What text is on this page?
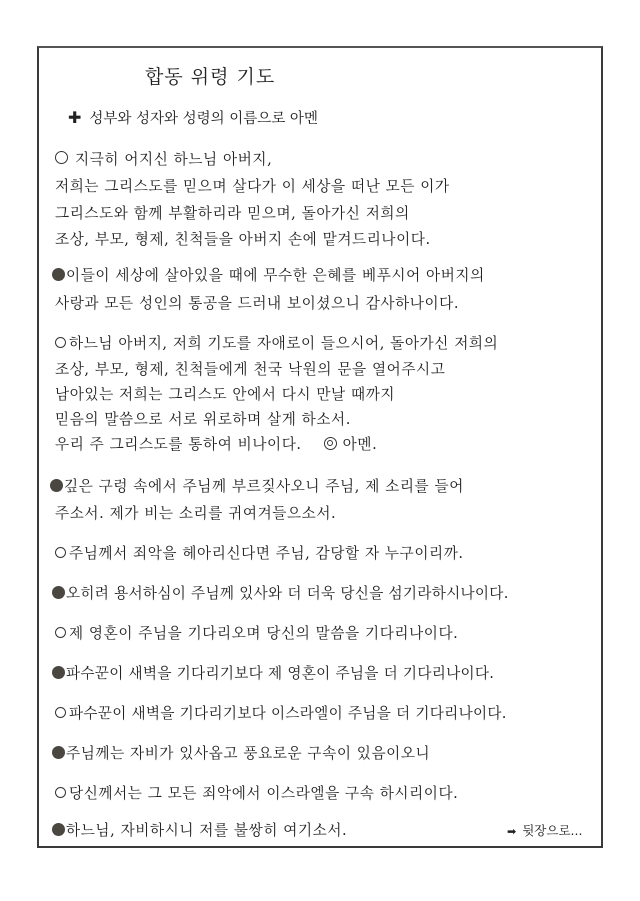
합동 위령 기도
✚ 성부와 성자와 성령의 이름으로 아멘
지극히 어지신 하느님 아버지,
저희는 그리스도를 믿으며 살다가 이 세상을 떠난 모든 이가
그리스도와 함께 부활하리라 믿으며, 돌아가신 저희의
조상, 부모, 형제, 친척들을 아버지 손에 맡겨드리나이다.
이들이 세상에 살아있을 때에 무수한 은혜를 베푸시어 아버지의
사랑과 모든 성인의 통공을 드러내 보이셨으니 감사하나이다.
하느님 아버지, 저희 기도를 자애로이 들으시어, 돌아가신 저희의
조상, 부모, 형제, 친척들에게 천국 낙원의 문을 열어주시고
남아있는 저희는 그리스도 안에서 다시 만날 때까지
믿음의 말씀으로 서로 위로하며 살게 하소서.
우리 주 그리스도를 통하여 비나이다.	아멘.
깊은 구렁 속에서 주님께 부르짖사오니 주님, 제 소리를 들어
주소서. 제가 비는 소리를 귀여겨들으소서.
주님께서 죄악을 헤아리신다면 주님, 감당할 자 누구이리까.
오히려 용서하심이 주님께 있사와 더 더욱 당신을 섬기라하시나이다.
제 영혼이 주님을 기다리오며 당신의 말씀을 기다리나이다.
파수꾼이 새벽을 기다리기보다 제 영혼이 주님을 더 기다리나이다.
파수꾼이 새벽을 기다리기보다 이스라엘이 주님을 더 기다리나이다.
주님께는 자비가 있사옵고 풍요로운 구속이 있음이오니
당신께서는 그 모든 죄악에서 이스라엘을 구속 하시리이다.
하느님, 자비하시니 저를 불쌍히 여기소서.	➡ 뒷장으로...
